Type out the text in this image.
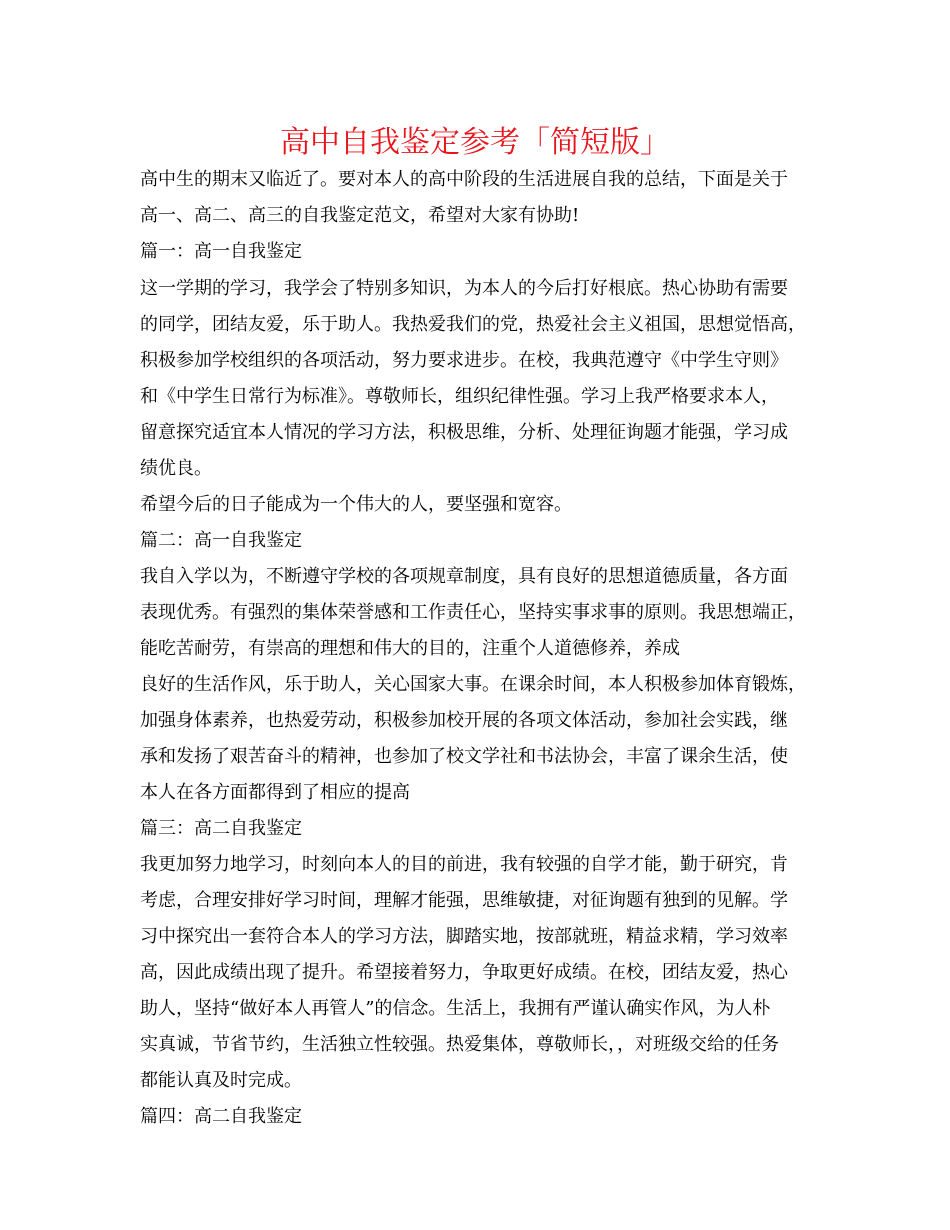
高中自我鉴定参考「简短版」
高中生的期末又临近了。要对本人的高中阶段的生活进展自我的总结，下面是关于
高一、高二、高三的自我鉴定范文，希望对大家有协助!
篇一：高一自我鉴定
这一学期的学习，我学会了特别多知识，为本人的今后打好根底。热心协助有需要
的同学，团结友爱，乐于助人。我热爱我们的党，热爱社会主义祖国，思想觉悟高，
积极参加学校组织的各项活动，努力要求进步。在校，我典范遵守《中学生守则》
和《中学生日常行为标准》。尊敬师长，组织纪律性强。学习上我严格要求本人，
留意探究适宜本人情况的学习方法，积极思维，分析、处理征询题才能强，学习成
绩优良。
希望今后的日子能成为一个伟大的人，要坚强和宽容。
篇二：高一自我鉴定
我自入学以为，不断遵守学校的各项规章制度，具有良好的思想道德质量，各方面
表现优秀。有强烈的集体荣誉感和工作责任心，坚持实事求事的原则。我思想端正，
能吃苦耐劳，有崇高的理想和伟大的目的，注重个人道德修养，养成
良好的生活作风，乐于助人，关心国家大事。在课余时间，本人积极参加体育锻炼，
加强身体素养，也热爱劳动，积极参加校开展的各项文体活动，参加社会实践，继
承和发扬了艰苦奋斗的精神，也参加了校文学社和书法协会，丰富了课余生活，使
本人在各方面都得到了相应的提高
篇三：高二自我鉴定
我更加努力地学习，时刻向本人的目的前进，我有较强的自学才能，勤于研究，肯
考虑，合理安排好学习时间，理解才能强，思维敏捷，对征询题有独到的见解。学
习中探究出一套符合本人的学习方法，脚踏实地，按部就班，精益求精，学习效率
高，因此成绩出现了提升。希望接着努力，争取更好成绩。在校，团结友爱，热心
助人，坚持“做好本人再管人”的信念。生活上，我拥有严谨认确实作风，为人朴
实真诚，节省节约，生活独立性较强。热爱集体，尊敬师长，，对班级交给的任务
都能认真及时完成。
篇四：高二自我鉴定
